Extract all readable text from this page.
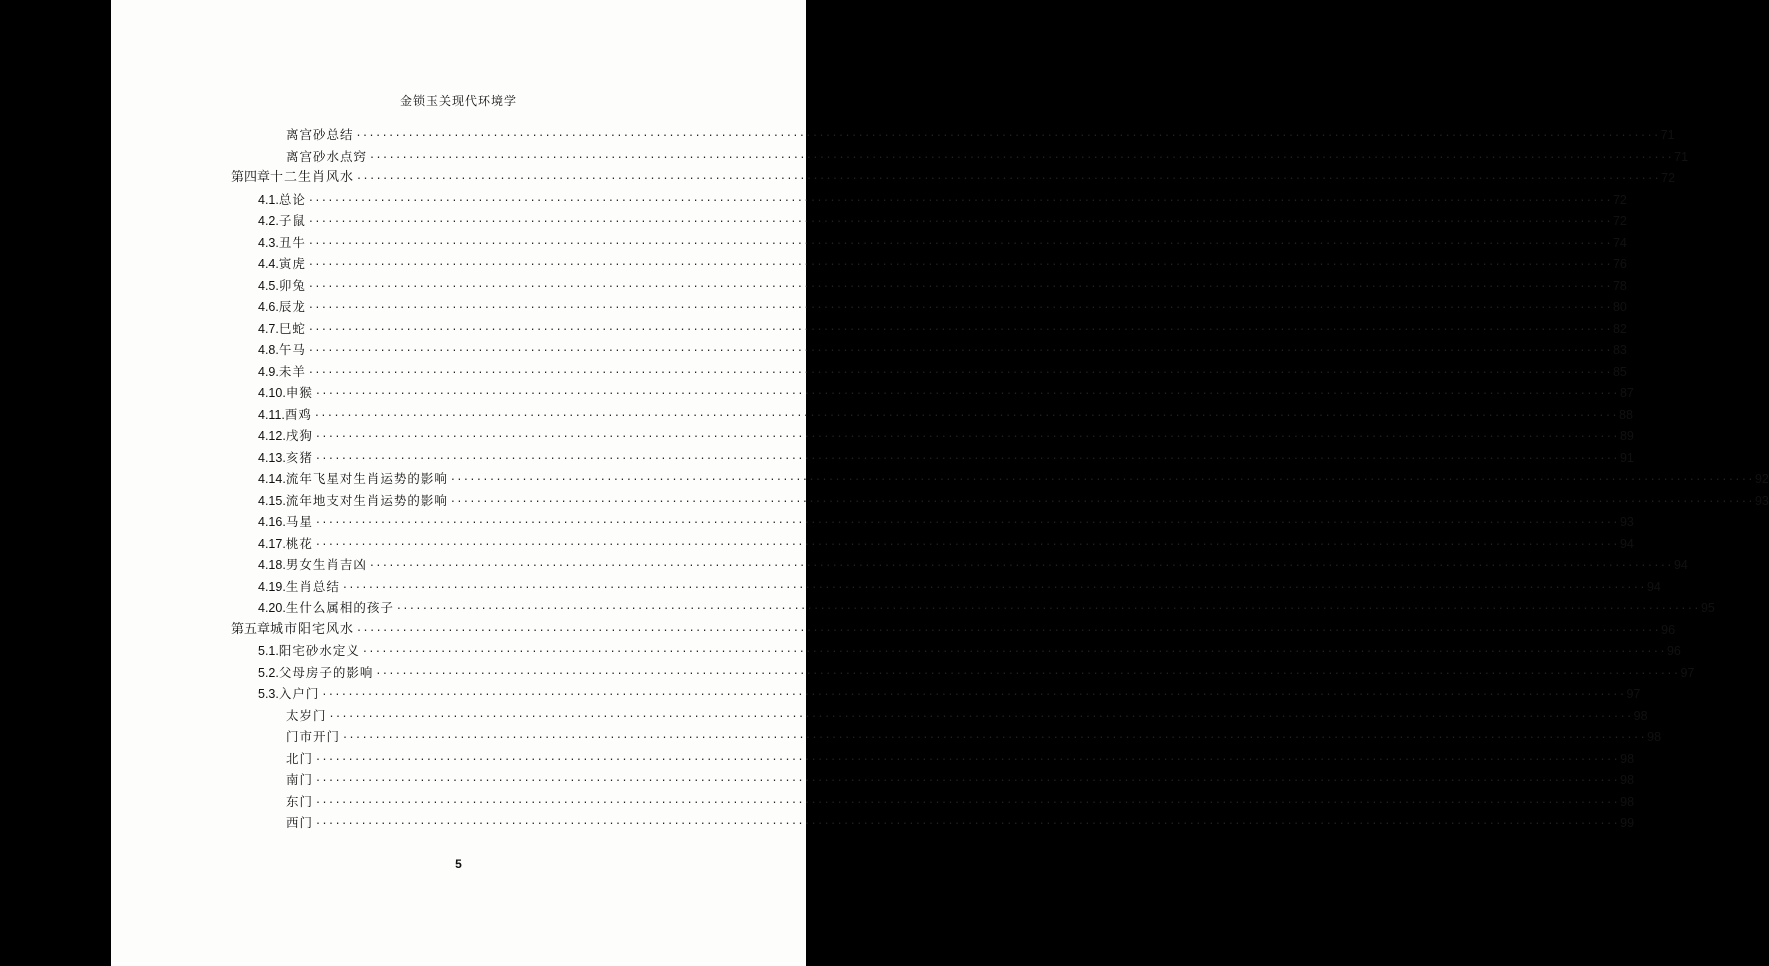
金锁玉关现代环境学
离宫砂总结 ........................................................................................................................................................................................................ 71
离宫砂水点窍 ........................................................................................................................................................................................................ 71
第四章 十二生肖风水 ........................................................................................................................................................................................................ 72
4.1. 总论 ........................................................................................................................................................................................................ 72
4.2. 子鼠 ........................................................................................................................................................................................................ 72
4.3. 丑牛 ........................................................................................................................................................................................................ 74
4.4. 寅虎 ........................................................................................................................................................................................................ 76
4.5. 卯兔 ........................................................................................................................................................................................................ 78
4.6. 辰龙 ........................................................................................................................................................................................................ 80
4.7. 巳蛇 ........................................................................................................................................................................................................ 82
4.8. 午马 ........................................................................................................................................................................................................ 83
4.9. 未羊 ........................................................................................................................................................................................................ 85
4.10. 申猴 ........................................................................................................................................................................................................ 87
4.11. 酉鸡 ........................................................................................................................................................................................................ 88
4.12. 戌狗 ........................................................................................................................................................................................................ 89
4.13. 亥猪 ........................................................................................................................................................................................................ 91
4.14. 流年飞星对生肖运势的影响 ........................................................................................................................................................................................................ 92
4.15. 流年地支对生肖运势的影响 ........................................................................................................................................................................................................ 93
4.16. 马星 ........................................................................................................................................................................................................ 93
4.17. 桃花 ........................................................................................................................................................................................................ 94
4.18. 男女生肖吉凶 ........................................................................................................................................................................................................ 94
4.19. 生肖总结 ........................................................................................................................................................................................................ 94
4.20. 生什么属相的孩子 ........................................................................................................................................................................................................ 95
第五章 城市阳宅风水 ........................................................................................................................................................................................................ 96
5.1. 阳宅砂水定义 ........................................................................................................................................................................................................ 96
5.2. 父母房子的影响 ........................................................................................................................................................................................................ 97
5.3. 入户门 ........................................................................................................................................................................................................ 97
太岁门 ........................................................................................................................................................................................................ 98
门市开门 ........................................................................................................................................................................................................ 98
北门 ........................................................................................................................................................................................................ 98
南门 ........................................................................................................................................................................................................ 98
东门 ........................................................................................................................................................................................................ 98
西门 ........................................................................................................................................................................................................ 99
5
